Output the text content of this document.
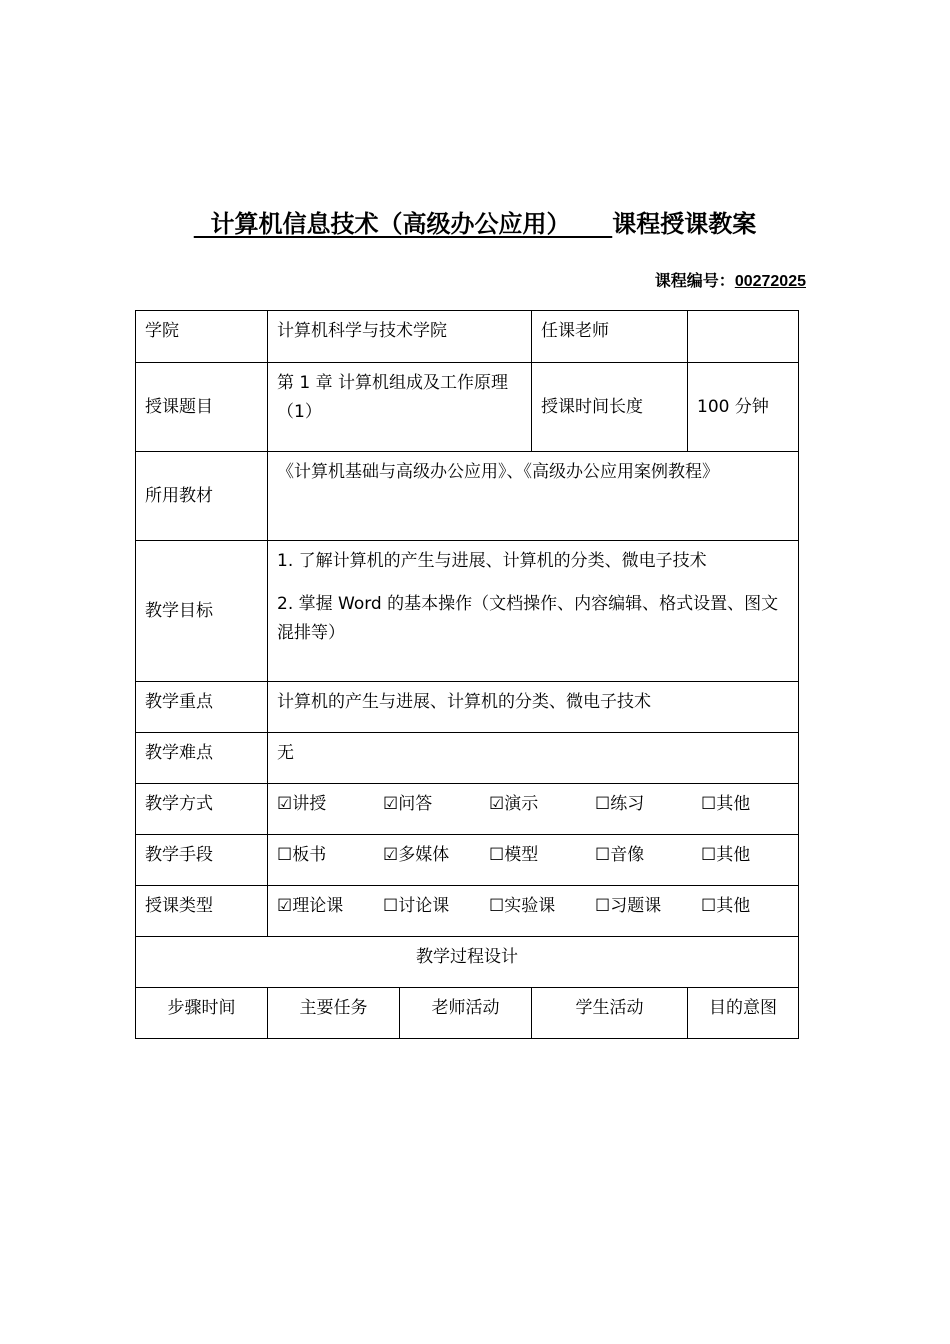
计算机信息技术（高级办公应用）     课程授课教案
课程编号：00272025
学院	计算机科学与技术学院		任课老师	
授课题目	第 1 章 计算机组成及工作原理（1）		授课时间长度	100 分钟
所用教材	《计算机基础与高级办公应用》、《高级办公应用案例教程》			
教学目标	1. 了解计算机的产生与进展、计算机的分类、微电子技术

2. 掌握 Word 的基本操作（文档操作、内容编辑、格式设置、图文混排等）			

教学重点	计算机的产生与进展、计算机的分类、微电子技术			
教学难点	无			
教学方式	☑讲授 ☑问答 ☑演示 ☐练习 ☐其他			
教学手段	☐板书 ☑多媒体 ☐模型 ☐音像 ☐其他			
授课类型	☑理论课 ☐讨论课 ☐实验课 ☐习题课 ☐其他			
教学过程设计				
步骤时间	主要任务	老师活动	学生活动	目的意图
